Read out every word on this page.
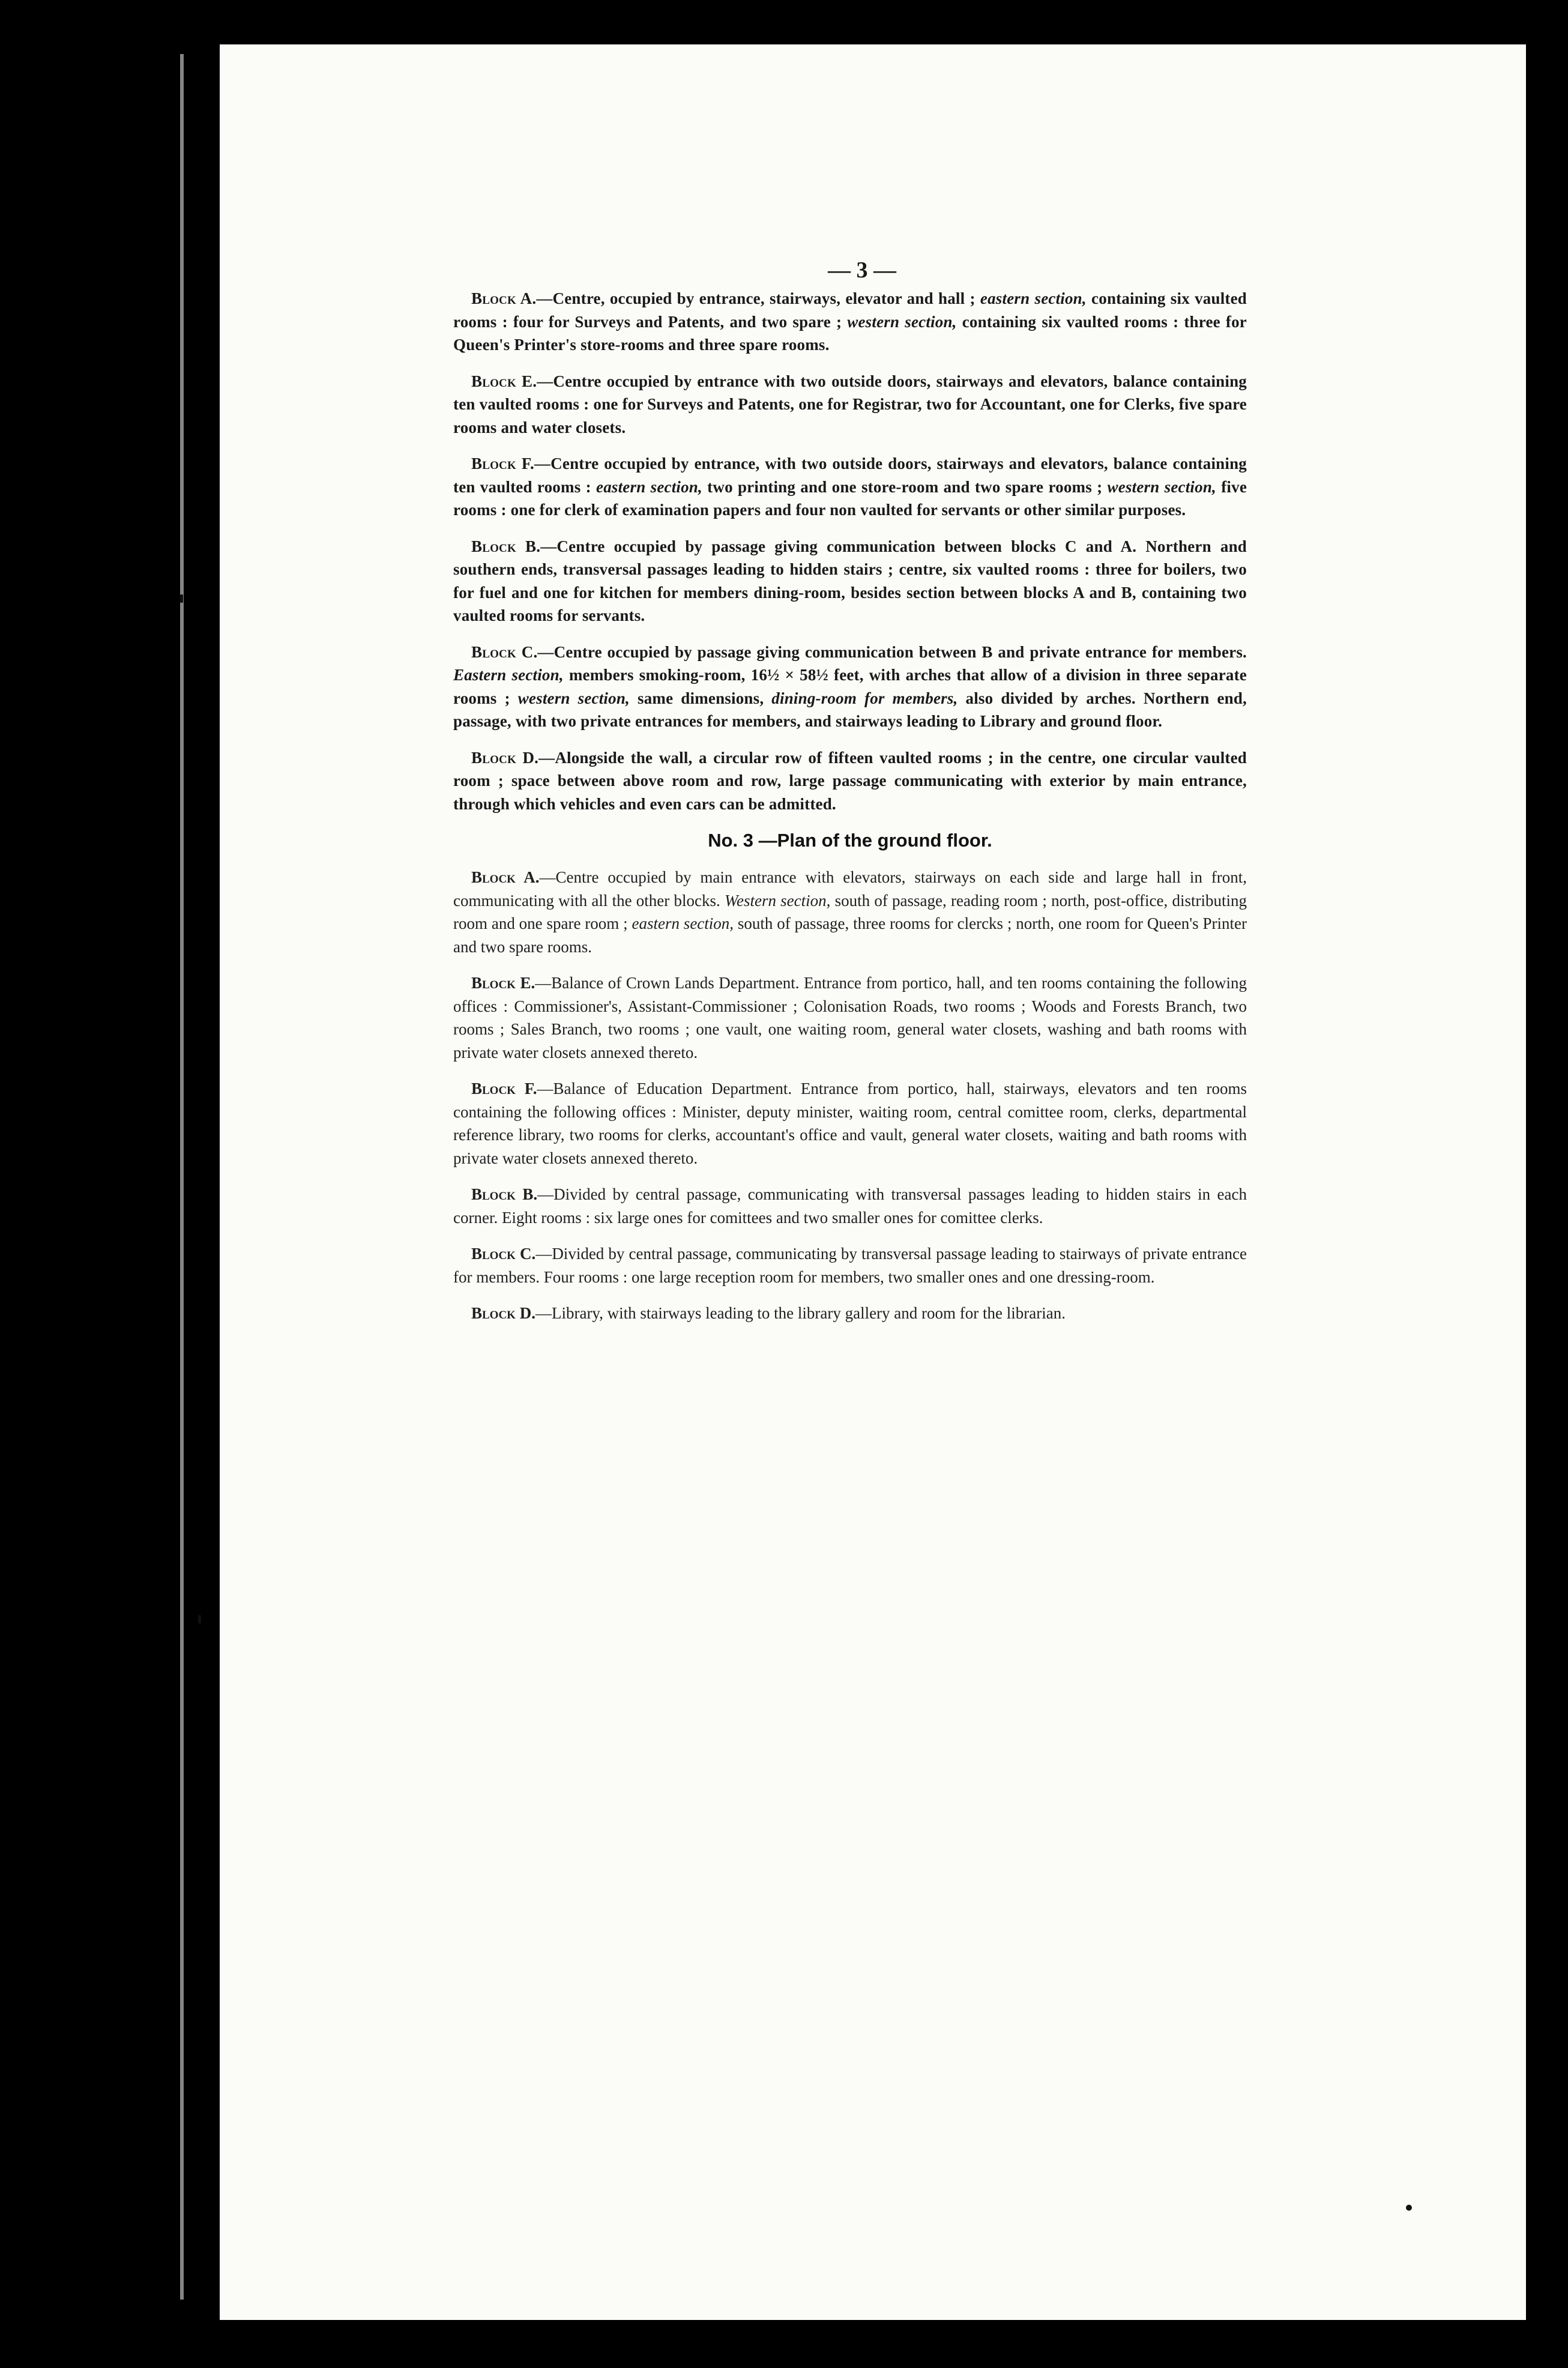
— 3 —

Block A.—Centre, occupied by entrance, stairways, elevator and hall ; eastern section, containing six vaulted rooms : four for Surveys and Patents, and two spare ; western section, containing six vaulted rooms : three for Queen's Printer's store-rooms and three spare rooms.

Block E.—Centre occupied by entrance with two outside doors, stairways and elevators, balance containing ten vaulted rooms : one for Surveys and Patents, one for Registrar, two for Accountant, one for Clerks, five spare rooms and water closets.

Block F.—Centre occupied by entrance, with two outside doors, stairways and elevators, balance containing ten vaulted rooms : eastern section, two printing and one store-room and two spare rooms ; western section, five rooms : one for clerk of examination papers and four non vaulted for servants or other similar purposes.

Block B.—Centre occupied by passage giving communication between blocks C and A. Northern and southern ends, transversal passages leading to hidden stairs ; centre, six vaulted rooms : three for boilers, two for fuel and one for kitchen for members dining-room, besides section between blocks A and B, containing two vaulted rooms for servants.

Block C.—Centre occupied by passage giving communication between B and private entrance for members. Eastern section, members smoking-room, 16½ × 58½ feet, with arches that allow of a division in three separate rooms ; western section, same dimensions, dining-room for members, also divided by arches. Northern end, passage, with two private entrances for members, and stairways leading to Library and ground floor.

Block D.—Alongside the wall, a circular row of fifteen vaulted rooms ; in the centre, one circular vaulted room ; space between above room and row, large passage communicating with exterior by main entrance, through which vehicles and even cars can be admitted.

No. 3 —Plan of the ground floor.

Block A.—Centre occupied by main entrance with elevators, stairways on each side and large hall in front, communicating with all the other blocks. Western section, south of passage, reading room ; north, post-office, distributing room and one spare room ; eastern section, south of passage, three rooms for clercks ; north, one room for Queen's Printer and two spare rooms.

Block E.—Balance of Crown Lands Department. Entrance from portico, hall, and ten rooms containing the following offices : Commissioner's, Assistant-Commissioner ; Colonisation Roads, two rooms ; Woods and Forests Branch, two rooms ; Sales Branch, two rooms ; one vault, one waiting room, general water closets, washing and bath rooms with private water closets annexed thereto.

Block F.—Balance of Education Department. Entrance from portico, hall, stairways, elevators and ten rooms containing the following offices : Minister, deputy minister, waiting room, central comittee room, clerks, departmental reference library, two rooms for clerks, accountant's office and vault, general water closets, waiting and bath rooms with private water closets annexed thereto.

Block B.—Divided by central passage, communicating with transversal passages leading to hidden stairs in each corner. Eight rooms : six large ones for comittees and two smaller ones for comittee clerks.

Block C.—Divided by central passage, communicating by transversal passage leading to stairways of private entrance for members. Four rooms : one large reception room for members, two smaller ones and one dressing-room.

Block D.—Library, with stairways leading to the library gallery and room for the librarian.
